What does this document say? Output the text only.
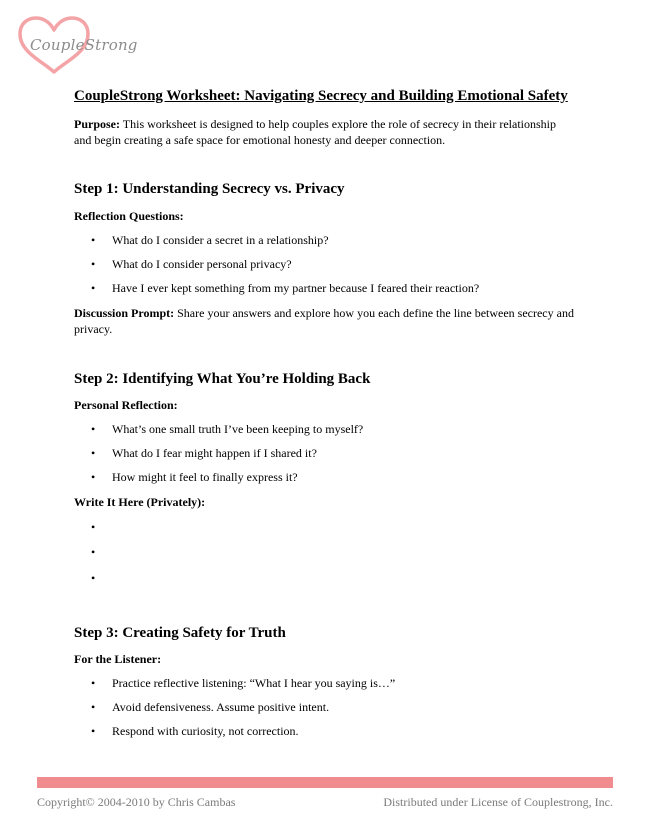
CoupleStrong
CoupleStrong Worksheet: Navigating Secrecy and Building Emotional Safety
Purpose: This worksheet is designed to help couples explore the role of secrecy in their relationship and begin creating a safe space for emotional honesty and deeper connection.
Step 1: Understanding Secrecy vs. Privacy
Reflection Questions:
• What do I consider a secret in a relationship?
• What do I consider personal privacy?
• Have I ever kept something from my partner because I feared their reaction?
Discussion Prompt: Share your answers and explore how you each define the line between secrecy and privacy.
Step 2: Identifying What You’re Holding Back
Personal Reflection:
• What’s one small truth I’ve been keeping to myself?
• What do I fear might happen if I shared it?
• How might it feel to finally express it?
Write It Here (Privately):
•
•
•
Step 3: Creating Safety for Truth
For the Listener:
• Practice reflective listening: “What I hear you saying is…”
• Avoid defensiveness. Assume positive intent.
• Respond with curiosity, not correction.
Copyright© 2004-2010 by Chris Cambas	Distributed under License of Couplestrong, Inc.
